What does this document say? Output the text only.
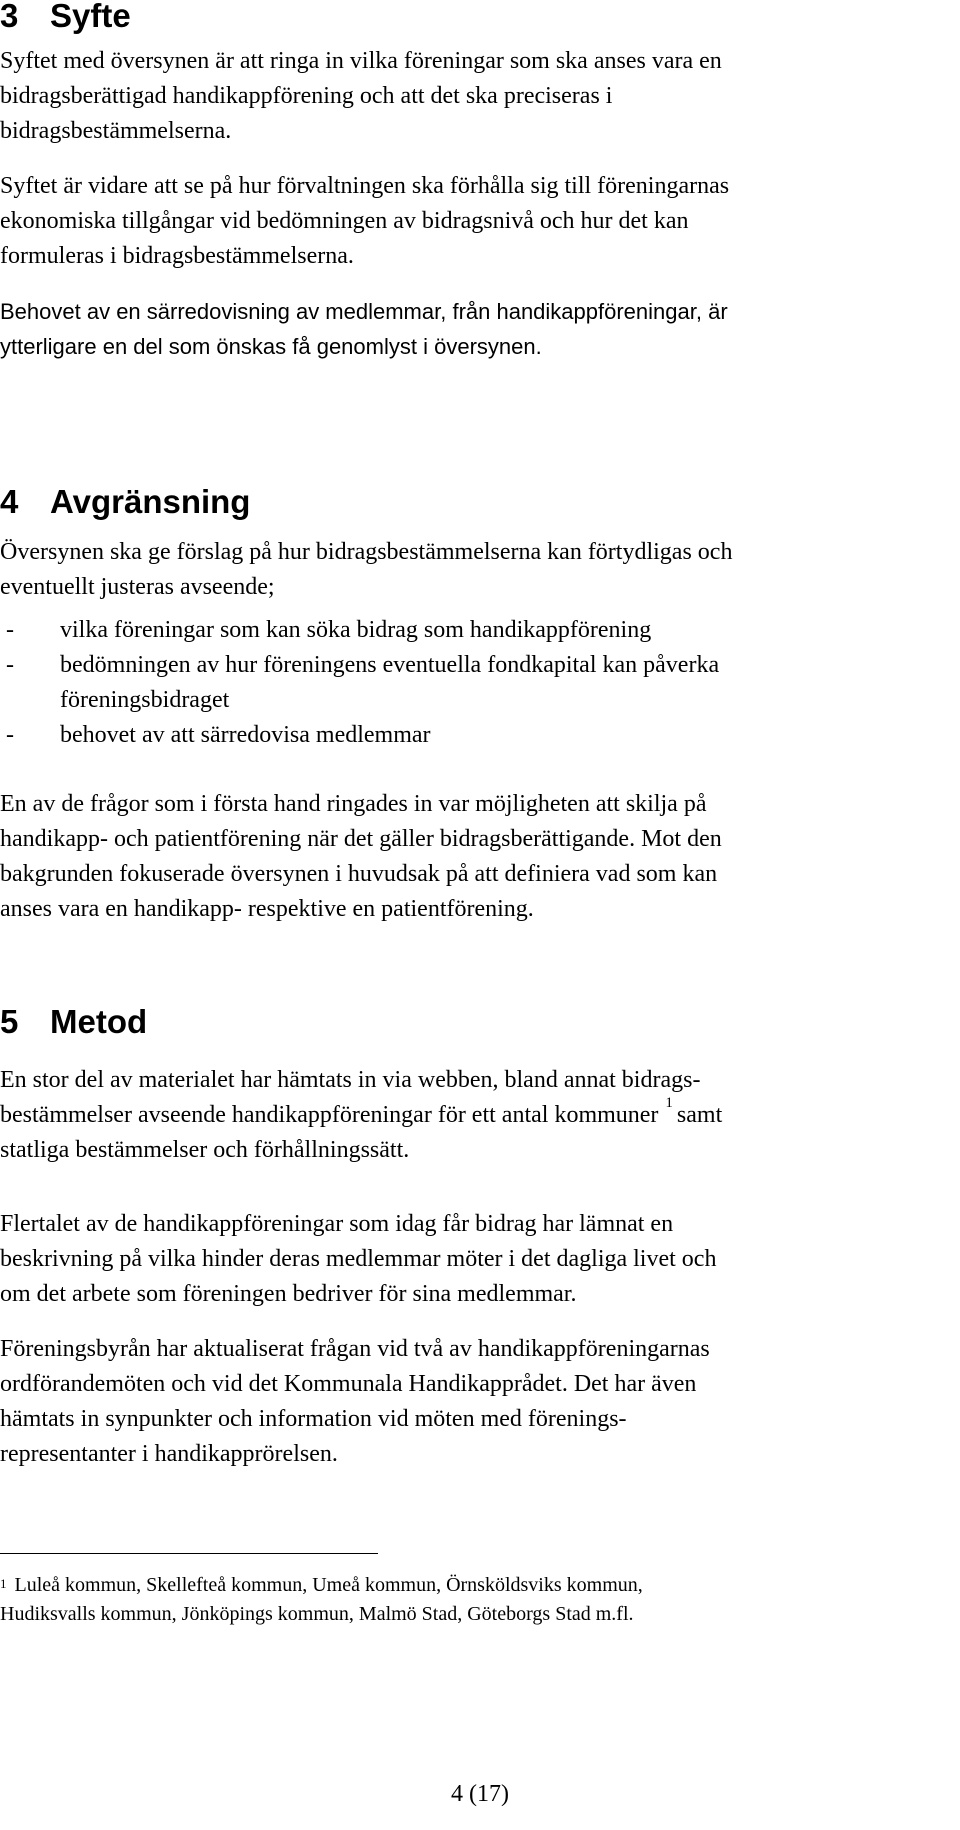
3 Syfte

Syftet med översynen är att ringa in vilka föreningar som ska anses vara en
bidragsberättigad handikappförening och att det ska preciseras i
bidragsbestämmelserna.

Syftet är vidare att se på hur förvaltningen ska förhålla sig till föreningarnas
ekonomiska tillgångar vid bedömningen av bidragsnivå och hur det kan
formuleras i bidragsbestämmelserna.

Behovet av en särredovisning av medlemmar, från handikappföreningar, är
ytterligare en del som önskas få genomlyst i översynen.

4 Avgränsning

Översynen ska ge förslag på hur bidragsbestämmelserna kan förtydligas och
eventuellt justeras avseende;

- vilka föreningar som kan söka bidrag som handikappförening
- bedömningen av hur föreningens eventuella fondkapital kan påverka
föreningsbidraget
- behovet av att särredovisa medlemmar

En av de frågor som i första hand ringades in var möjligheten att skilja på
handikapp- och patientförening när det gäller bidragsberättigande. Mot den
bakgrunden fokuserade översynen i huvudsak på att definiera vad som kan
anses vara en handikapp- respektive en patientförening.

5 Metod

En stor del av materialet har hämtats in via webben, bland annat bidrags-
bestämmelser avseende handikappföreningar för ett antal kommuner $^1$ samt
statliga bestämmelser och förhållningssätt.

Flertalet av de handikappföreningar som idag får bidrag har lämnat en
beskrivning på vilka hinder deras medlemmar möter i det dagliga livet och
om det arbete som föreningen bedriver för sina medlemmar.

Föreningsbyrån har aktualiserat frågan vid två av handikappföreningarnas
ordförandemöten och vid det Kommunala Handikapprådet. Det har även
hämtats in synpunkter och information vid möten med förenings-
representanter i handikapprörelsen.

$^1$ Luleå kommun, Skellefteå kommun, Umeå kommun, Örnsköldsviks kommun,
Hudiksvalls kommun, Jönköpings kommun, Malmö Stad, Göteborgs Stad m.fl.
4 (17)
